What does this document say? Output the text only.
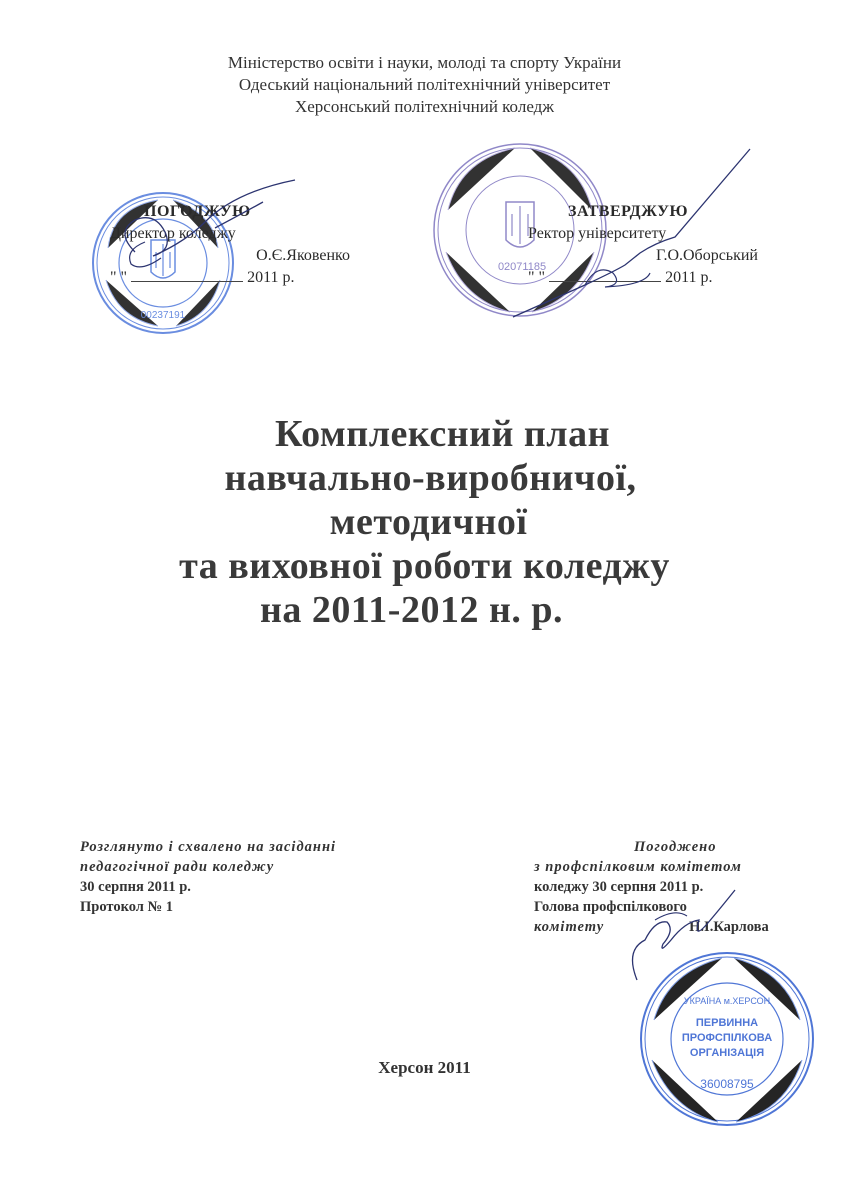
Міністерство освіти і науки, молоді та спорту України
Одеський національний політехнічний університет
Херсонський політехнічний коледж
00237191
02071185
ПОГОДЖУЮ
Директор коледжу
О.Є.Яковенко
" "	2011 р.
ЗАТВЕРДЖУЮ
Ректор університету
Г.О.Оборський
" "	2011 р.
Комплексний план
навчально-виробничої,
методичної
та виховної роботи коледжу
на 2011-2012 н. р.
Розглянуто і схвалено на засіданні
педагогічної ради коледжу
30 серпня 2011 р.
Протокол № 1
УКРАЇНА м.ХЕРСОН
ПЕРВИННА
ПРОФСПІЛКОВА
ОРГАНІЗАЦІЯ
36008795
Погоджено
з профспілковим комітетом
коледжу 30 серпня 2011 р.
Голова профспілкового
комітету	Н.І.Карлова
Херсон 2011
